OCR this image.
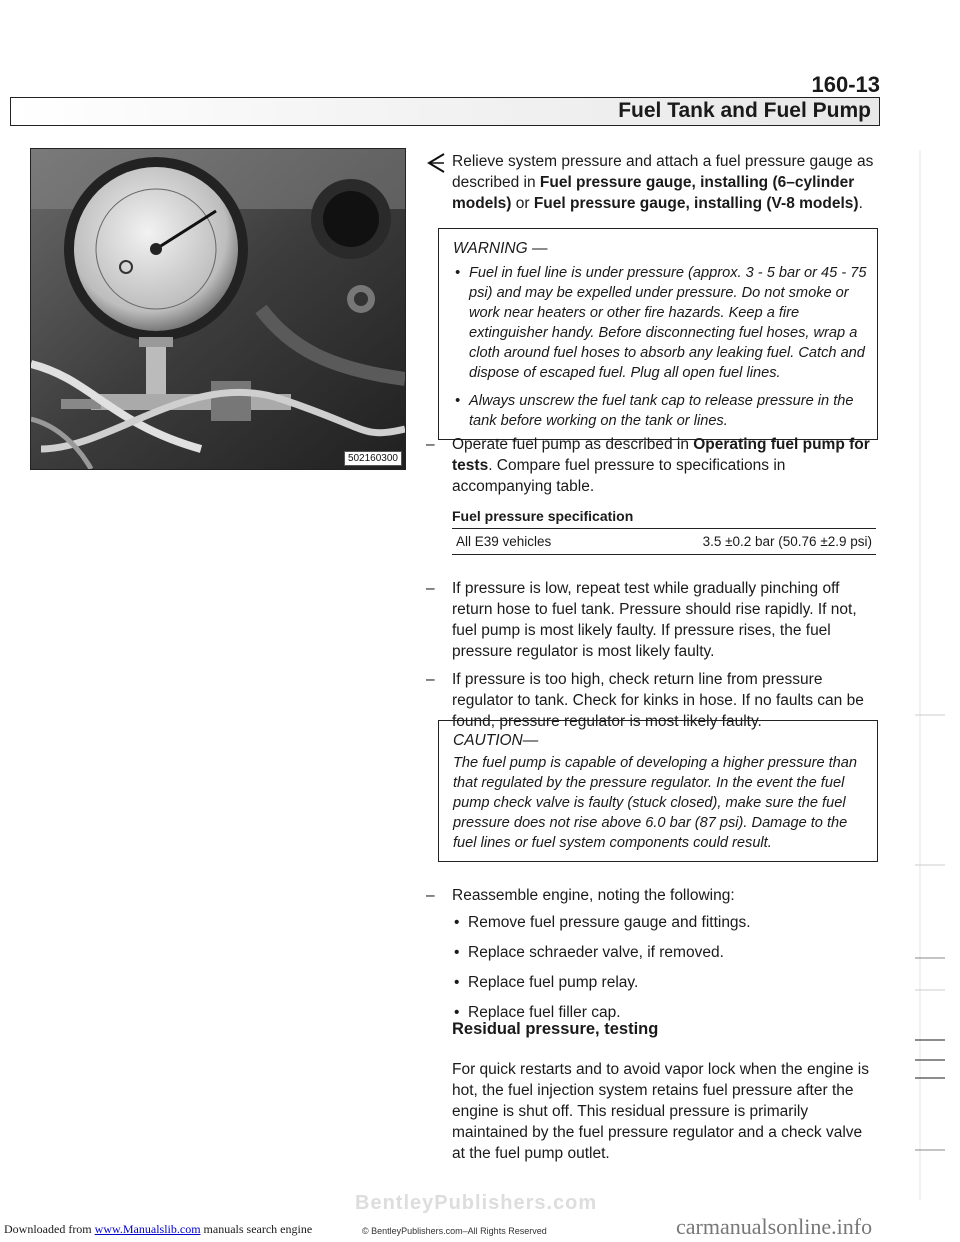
160-13
Fuel Tank and Fuel Pump
502160300
Relieve system pressure and attach a fuel pressure gauge as described in Fuel pressure gauge, installing (6–cylinder models) or Fuel pressure gauge, installing (V-8 models).
WARNING —
• Fuel in fuel line is under pressure (approx. 3 - 5 bar or 45 - 75 psi) and may be expelled under pressure. Do not smoke or work near heaters or other fire hazards. Keep a fire extinguisher handy. Before disconnecting fuel hoses, wrap a cloth around fuel hoses to absorb any leaking fuel. Catch and dispose of escaped fuel. Plug all open fuel lines.
• Always unscrew the fuel tank cap to release pressure in the tank before working on the tank or lines.
– Operate fuel pump as described in Operating fuel pump for tests. Compare fuel pressure to specifications in accompanying table.
Fuel pressure specification
All E39 vehicles	3.5 ±0.2 bar (50.76 ±2.9 psi)
– If pressure is low, repeat test while gradually pinching off return hose to fuel tank. Pressure should rise rapidly. If not, fuel pump is most likely faulty. If pressure rises, the fuel pressure regulator is most likely faulty.
– If pressure is too high, check return line from pressure regulator to tank. Check for kinks in hose. If no faults can be found, pressure regulator is most likely faulty.
CAUTION—
The fuel pump is capable of developing a higher pressure than that regulated by the pressure regulator. In the event the fuel pump check valve is faulty (stuck closed), make sure the fuel pressure does not rise above 6.0 bar (87 psi). Damage to the fuel lines or fuel system components could result.
– Reassemble engine, noting the following:
• Remove fuel pressure gauge and fittings.
• Replace schraeder valve, if removed.
• Replace fuel pump relay.
• Replace fuel filler cap.
Residual pressure, testing
For quick restarts and to avoid vapor lock when the engine is hot, the fuel injection system retains fuel pressure after the engine is shut off. This residual pressure is primarily maintained by the fuel pressure regulator and a check valve at the fuel pump outlet.
BentleyPublishers.com
Downloaded from www.Manualslib.com manuals search engine	© BentleyPublishers.com–All Rights Reserved	carmanualsonline.info
